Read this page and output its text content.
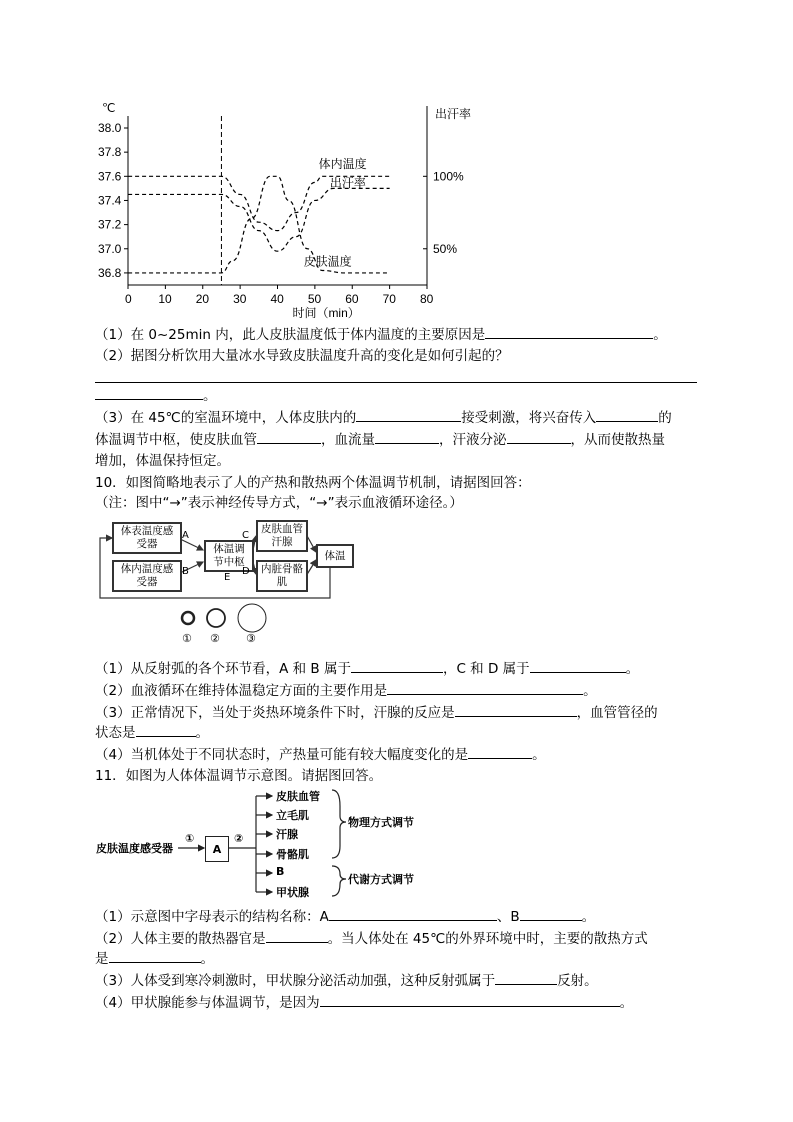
℃	出汗率
时间（min）
38.0
37.8
37.6
37.4
37.2
37.0
36.8
0 10 20 30 40 50 60 70 80
100%
50%
体内温度
出汗率
皮肤温度
（1）在 0~25min 内，此人皮肤温度低于体内温度的主要原因是	。
（2）据图分析饮用大量冰水导致皮肤温度升高的变化是如何引起的？
。
（3）在 45℃的室温环境中，人体皮肤内的	接受刺激，将兴奋传入	的
体温调节中枢，使皮肤血管	，血流量	，汗液分泌	，从而使散热量
增加，体温保持恒定。
10．如图简略地表示了人的产热和散热两个体温调节机制，请据图回答：
（注：图中“→”表示神经传导方式，“→”表示血液循环途径。）
体表温度感受器
体内温度感受器
体温调节中枢
皮肤血管汗腺
内脏骨骼肌
体温
A
B
C
D
E
① ② ③
（1）从反射弧的各个环节看，A 和 B 属于	，C 和 D 属于	。
（2）血液循环在维持体温稳定方面的主要作用是	。
（3）正常情况下，当处于炎热环境条件下时，汗腺的反应是	，血管管径的
状态是	。
（4）当机体处于不同状态时，产热量可能有较大幅度变化的是	。
11．如图为人体体温调节示意图。请据图回答。
皮肤温度感受器
①	②
A
皮肤血管
立毛肌
汗腺
骨骼肌
B
甲状腺
物理方式调节
代谢方式调节
（1）示意图中字母表示的结构名称：A	、B	。
（2）人体主要的散热器官是	。当人体处在 45℃的外界环境中时，主要的散热方式
是	。
（3）人体受到寒冷刺激时，甲状腺分泌活动加强，这种反射弧属于	反射。
（4）甲状腺能参与体温调节，是因为	。
